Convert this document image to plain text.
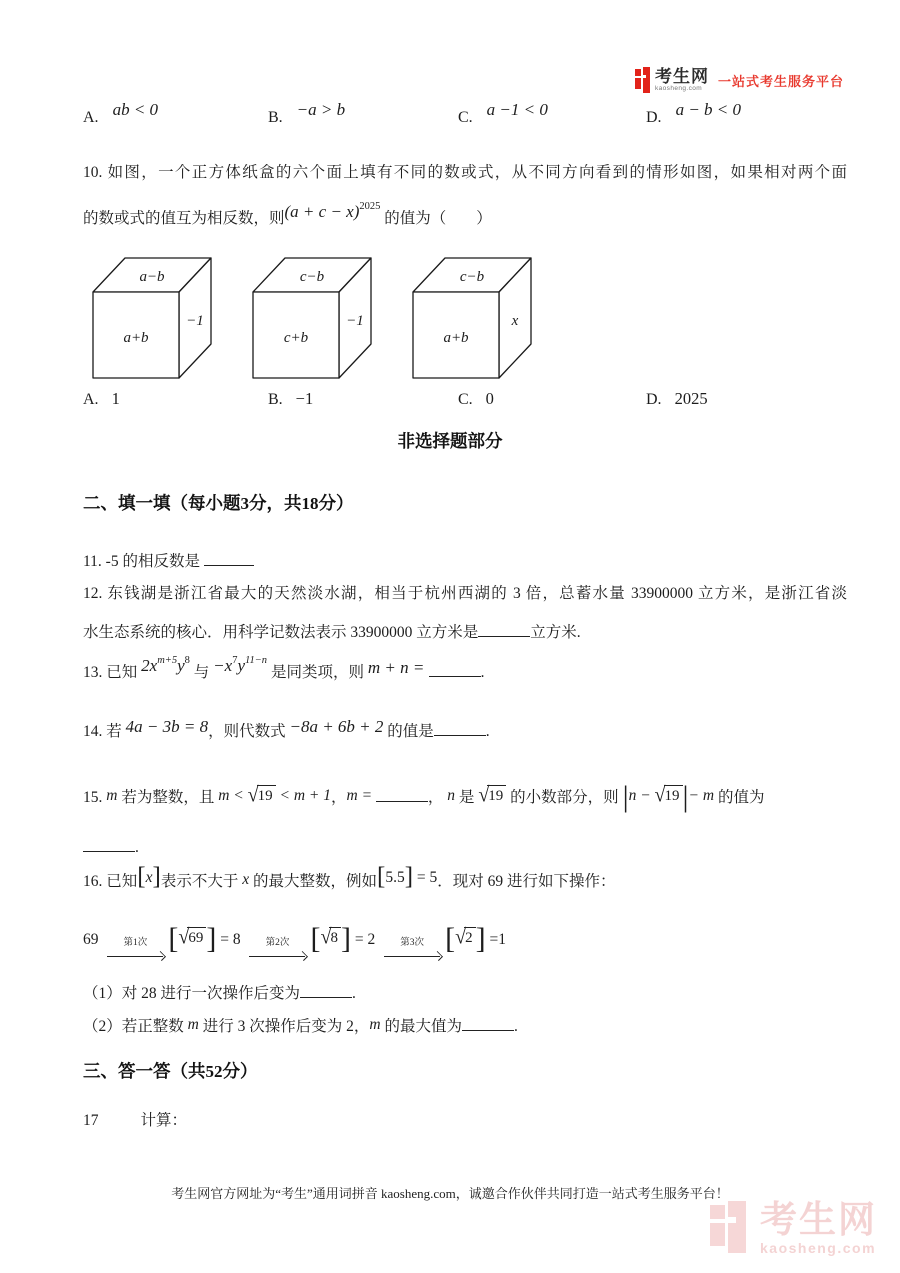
考生网
kaosheng.com	一站式考生服务平台
A. ab < 0	B. −a > b	C. a −1 < 0	D. a − b < 0
10. 如图，一个正方体纸盒的六个面上填有不同的数或式，从不同方向看到的情形如图，如果相对两个面
的数或式的值互为相反数，则$(a + c - x)^{2025}$ 的值为（ ）
a−b
a+b
−1
c−b
c+b
−1
c−b
a+b
x
A. 1	B. −1	C. 0	D. 2025
非选择题部分
二、填一填（每小题3分，共18分）
11. -5 的相反数是
12. 东钱湖是浙江省最大的天然淡水湖，相当于杭州西湖的 3 倍，总蓄水量 33900000 立方米，是浙江省淡
水生态系统的核心．用科学记数法表示 33900000 立方米是	立方米.
13. 已知 $2x^{m+5}y^8$ 与 $-x^7y^{11-n}$ 是同类项，则 m + n =	.
14. 若 4a − 3b = 8，则代数式 −8a + 6b + 2 的值是	.
15. m 若为整数，且 m < √ 19 < m + 1，m =	， n 是 √ 19 的小数部分，则 |n − √ 19 |− m 的值为
.
16. 已知[x]表示不大于 x 的最大整数，例如[5.5] = 5．现对 69 进行如下操作：
69 第1次 [ √ 69 ] = 8 第2次 [ √ 8 ] = 2 第3次 [ √ 2 ] =1
（1）对 28 进行一次操作后变为	.
（2）若正整数 m 进行 3 次操作后变为 2，m 的最大值为	.
三、答一答（共52分）
17	计算：
考生网官方网址为“考生”通用词拼音 kaosheng.com，诚邀合作伙伴共同打造一站式考生服务平台！
考生网
kaosheng.com
